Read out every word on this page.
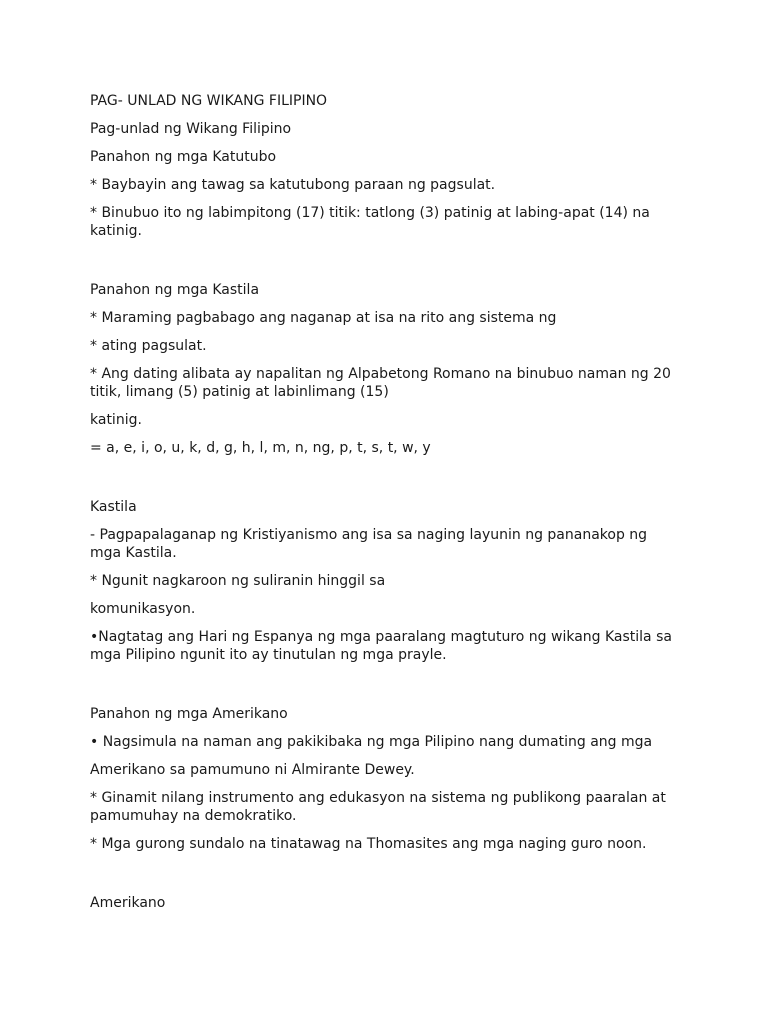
PAG- UNLAD NG WIKANG FILIPINO

Pag-unlad ng Wikang Filipino

Panahon ng mga Katutubo

* Baybayin ang tawag sa katutubong paraan ng pagsulat.

* Binubuo ito ng labimpitong (17) titik: tatlong (3) patinig at labing-apat (14) na katinig.

Panahon ng mga Kastila

* Maraming pagbabago ang naganap at isa na rito ang sistema ng

* ating pagsulat.

* Ang dating alibata ay napalitan ng Alpabetong Romano na binubuo naman ng 20 titik, limang (5) patinig at labinlimang (15)

katinig.

= a, e, i, o, u, k, d, g, h, l, m, n, ng, p, t, s, t, w, y

Kastila

- Pagpapalaganap ng Kristiyanismo ang isa sa naging layunin ng pananakop ng mga Kastila.

* Ngunit nagkaroon ng suliranin hinggil sa

komunikasyon.

•Nagtatag ang Hari ng Espanya ng mga paaralang magtuturo ng wikang Kastila sa mga Pilipino ngunit ito ay tinutulan ng mga prayle.

Panahon ng mga Amerikano

• Nagsimula na naman ang pakikibaka ng mga Pilipino nang dumating ang mga

Amerikano sa pamumuno ni Almirante Dewey.

* Ginamit nilang instrumento ang edukasyon na sistema ng publikong paaralan at pamumuhay na demokratiko.

* Mga gurong sundalo na tinatawag na Thomasites ang mga naging guro noon.

Amerikano
